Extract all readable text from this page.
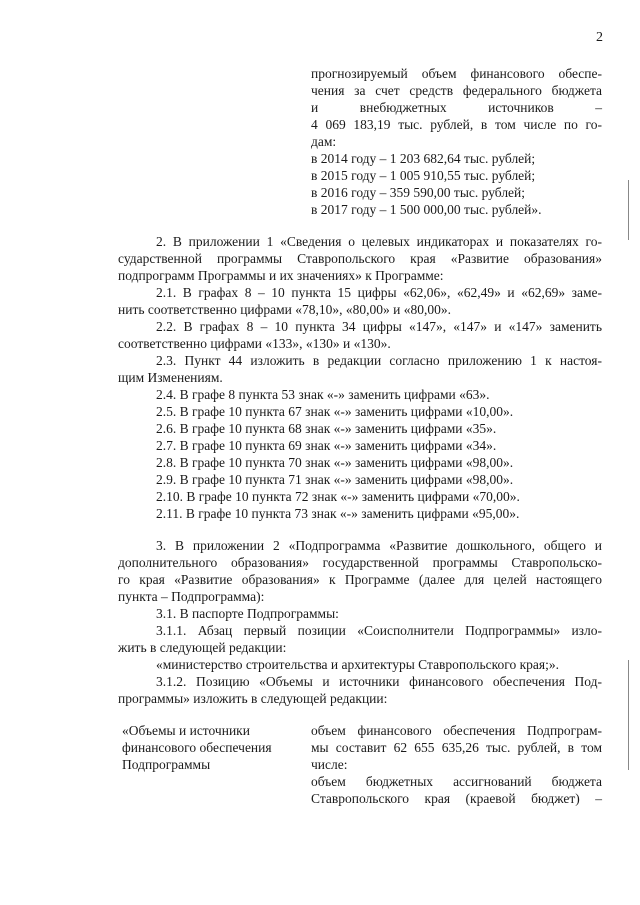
2
прогнозируемый объем финансового обеспе-
чения за счет средств федерального бюджета
и внебюджетных источников –
4 069 183,19 тыс. рублей, в том числе по го-
дам:
в 2014 году – 1 203 682,64 тыс. рублей;
в 2015 году – 1 005 910,55 тыс. рублей;
в 2016 году – 359 590,00 тыс. рублей;
в 2017 году – 1 500 000,00 тыс. рублей».
2. В приложении 1 «Сведения о целевых индикаторах и показателях го-
сударственной программы Ставропольского края «Развитие образования»
подпрограмм Программы и их значениях» к Программе:
2.1. В графах 8 – 10 пункта 15 цифры «62,06», «62,49» и «62,69» заме-
нить соответственно цифрами «78,10», «80,00» и «80,00».
2.2. В графах 8 – 10 пункта 34 цифры «147», «147» и «147» заменить
соответственно цифрами «133», «130» и «130».
2.3. Пункт 44 изложить в редакции согласно приложению 1 к настоя-
щим Изменениям.
2.4. В графе 8 пункта 53 знак «-» заменить цифрами «63».
2.5. В графе 10 пункта 67 знак «-» заменить цифрами «10,00».
2.6. В графе 10 пункта 68 знак «-» заменить цифрами «35».
2.7. В графе 10 пункта 69 знак «-» заменить цифрами «34».
2.8. В графе 10 пункта 70 знак «-» заменить цифрами «98,00».
2.9. В графе 10 пункта 71 знак «-» заменить цифрами «98,00».
2.10. В графе 10 пункта 72 знак «-» заменить цифрами «70,00».
2.11. В графе 10 пункта 73 знак «-» заменить цифрами «95,00».
3. В приложении 2 «Подпрограмма «Развитие дошкольного, общего и
дополнительного образования» государственной программы Ставропольско-
го края «Развитие образования» к Программе (далее для целей настоящего
пункта – Подпрограмма):
3.1. В паспорте Подпрограммы:
3.1.1. Абзац первый позиции «Соисполнители Подпрограммы» изло-
жить в следующей редакции:
«министерство строительства и архитектуры Ставропольского края;».
3.1.2. Позицию «Объемы и источники финансового обеспечения Под-
программы» изложить в следующей редакции:
«Объемы и источники
финансового обеспечения
Подпрограммы
объем финансового обеспечения Подпрограм-
мы составит 62 655 635,26 тыс. рублей, в том
числе:
объем бюджетных ассигнований бюджета
Ставропольского края (краевой бюджет) –
